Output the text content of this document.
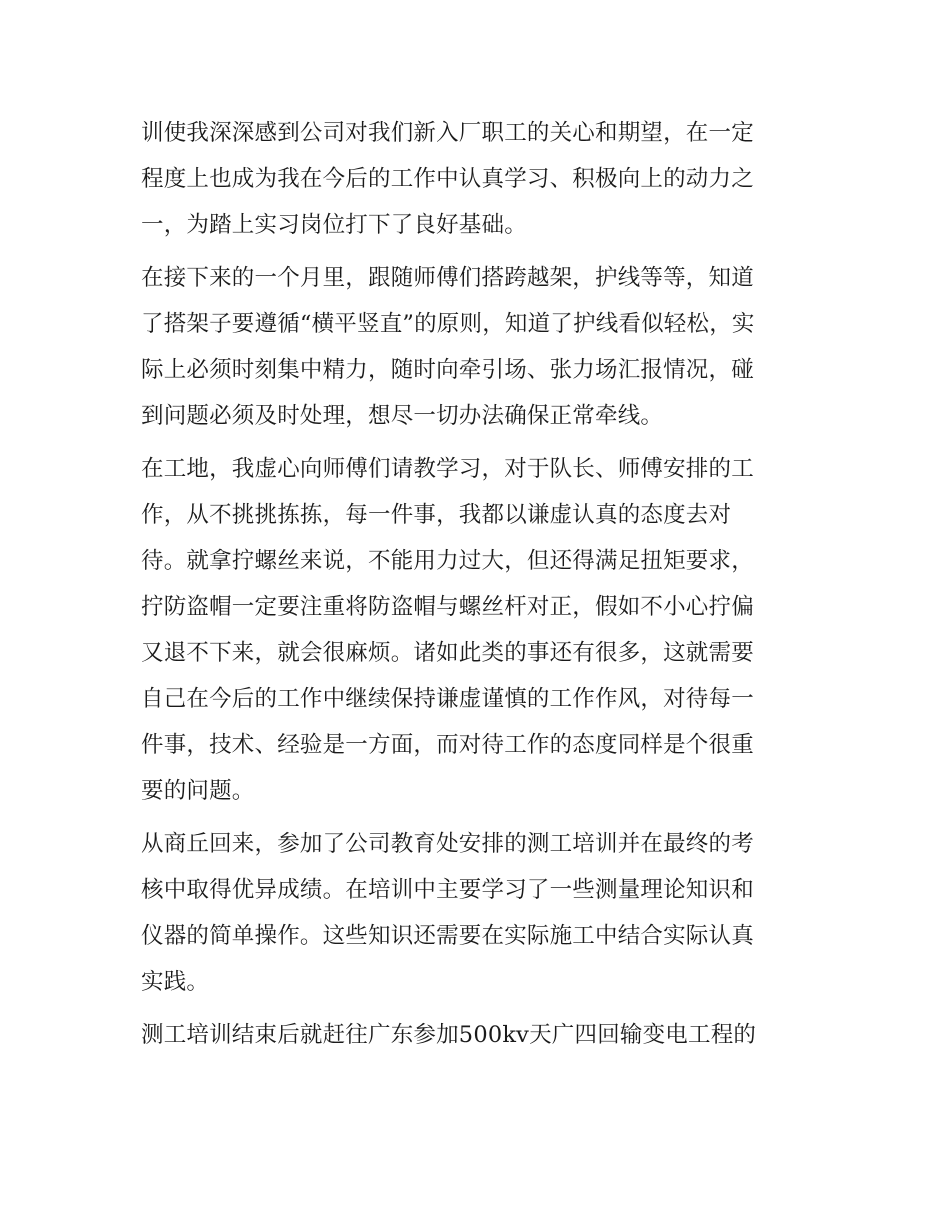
训使我深深感到公司对我们新入厂职工的关心和期望，在一定
程度上也成为我在今后的工作中认真学习、积极向上的动力之
一，为踏上实习岗位打下了良好基础。
在接下来的一个月里，跟随师傅们搭跨越架，护线等等，知道
了搭架子要遵循“横平竖直”的原则，知道了护线看似轻松，实
际上必须时刻集中精力，随时向牵引场、张力场汇报情况，碰
到问题必须及时处理，想尽一切办法确保正常牵线。
在工地，我虚心向师傅们请教学习，对于队长、师傅安排的工
作，从不挑挑拣拣，每一件事，我都以谦虚认真的态度去对
待。就拿拧螺丝来说，不能用力过大，但还得满足扭矩要求，
拧防盗帽一定要注重将防盗帽与螺丝杆对正，假如不小心拧偏
又退不下来，就会很麻烦。诸如此类的事还有很多，这就需要
自己在今后的工作中继续保持谦虚谨慎的工作作风，对待每一
件事，技术、经验是一方面，而对待工作的态度同样是个很重
要的问题。
从商丘回来，参加了公司教育处安排的测工培训并在最终的考
核中取得优异成绩。在培训中主要学习了一些测量理论知识和
仪器的简单操作。这些知识还需要在实际施工中结合实际认真
实践。
测工培训结束后就赶往广东参加500kv天广四回输变电工程的
